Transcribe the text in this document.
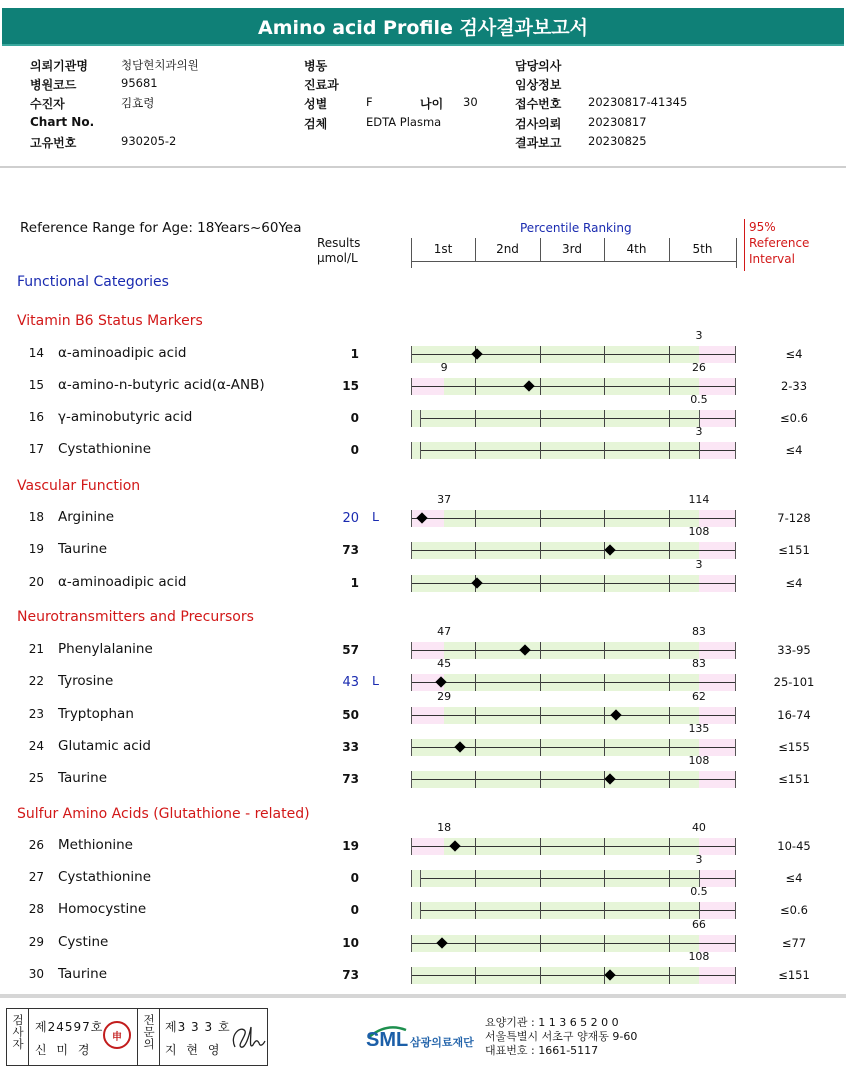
Amino acid Profile 검사결과보고서
의뢰기관명	청담현치과의원
병원코드	95681
수진자	김효령
Chart No.
고유번호	930205-2
병동
진료과
성별	F
검체	EDTA Plasma
나이 30
담당의사
임상정보
접수번호 20230817-41345
검사의뢰 20230817
결과보고 20230825
Reference Range for Age: 18Years~60Yea
Results
μmol/L
Percentile Ranking
1st	2nd	3rd	4th	5th
95%
Reference
Interval
Functional Categories
Vitamin B6 Status Markers
14 α-aminoadipic acid	1	≤4
3
15 α-amino-n-butyric acid(α-ANB)	15	2-33
9	26
16 γ-aminobutyric acid	0	≤0.6
0.5
17 Cystathionine	0	≤4
3
Vascular Function
18 Arginine	20 L	7-128
37	114
19 Taurine	73	≤151
108
20 α-aminoadipic acid	1	≤4
3
Neurotransmitters and Precursors
21 Phenylalanine	57	33-95
47	83
22 Tyrosine	43 L	25-101
45	83
23 Tryptophan	50	16-74
29	62
24 Glutamic acid	33	≤155
135
25 Taurine	73	≤151
108
Sulfur Amino Acids (Glutathione - related)
26 Methionine	19	10-45
18	40
27 Cystathionine	0	≤4
3
28 Homocystine	0	≤0.6
0.5
29 Cystine	10	≤77
66
30 Taurine	73	≤151
108
검사자
제24597호
신 미 경
申
전문의
제3 3 3 호
지 현 영	SML 삼광의료재단
요양기관 : 1 1 3 6 5 2 0 0
서울특별시 서초구 양재동 9-60
대표번호 : 1661-5117
